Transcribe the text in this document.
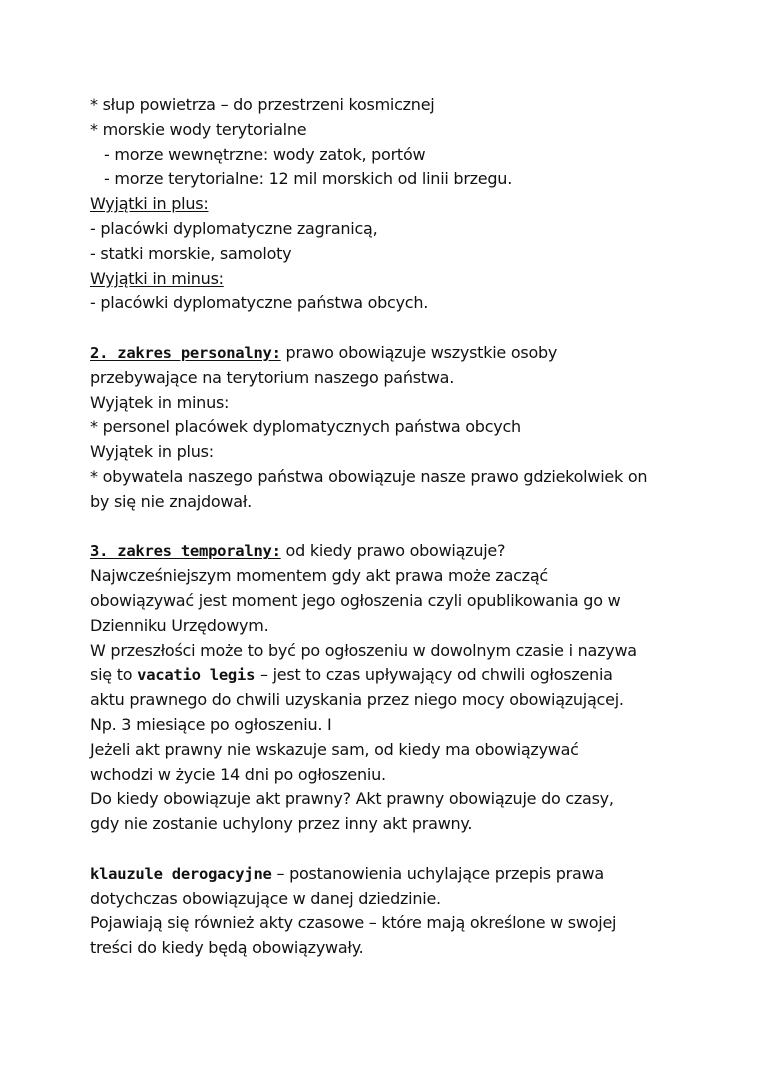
* słup powietrza – do przestrzeni kosmicznej
* morskie wody terytorialne
- morze wewnętrzne: wody zatok, portów
- morze terytorialne: 12 mil morskich od linii brzegu.
Wyjątki in plus:
- placówki dyplomatyczne zagranicą,
- statki morskie, samoloty
Wyjątki in minus:
- placówki dyplomatyczne państwa obcych.
2. zakres personalny: prawo obowiązuje wszystkie osoby
przebywające na terytorium naszego państwa.
Wyjątek in minus:
* personel placówek dyplomatycznych państwa obcych
Wyjątek in plus:
* obywatela naszego państwa obowiązuje nasze prawo gdziekolwiek on
by się nie znajdował.
3. zakres temporalny: od kiedy prawo obowiązuje?
Najwcześniejszym momentem gdy akt prawa może zacząć
obowiązywać jest moment jego ogłoszenia czyli opublikowania go w
Dzienniku Urzędowym.
W przeszłości może to być po ogłoszeniu w dowolnym czasie i nazywa
się to vacatio legis – jest to czas upływający od chwili ogłoszenia
aktu prawnego do chwili uzyskania przez niego mocy obowiązującej.
Np. 3 miesiące po ogłoszeniu. I
Jeżeli akt prawny nie wskazuje sam, od kiedy ma obowiązywać
wchodzi w życie 14 dni po ogłoszeniu.
Do kiedy obowiązuje akt prawny? Akt prawny obowiązuje do czasy,
gdy nie zostanie uchylony przez inny akt prawny.
klauzule derogacyjne – postanowienia uchylające przepis prawa
dotychczas obowiązujące w danej dziedzinie.
Pojawiają się również akty czasowe – które mają określone w swojej
treści do kiedy będą obowiązywały.
